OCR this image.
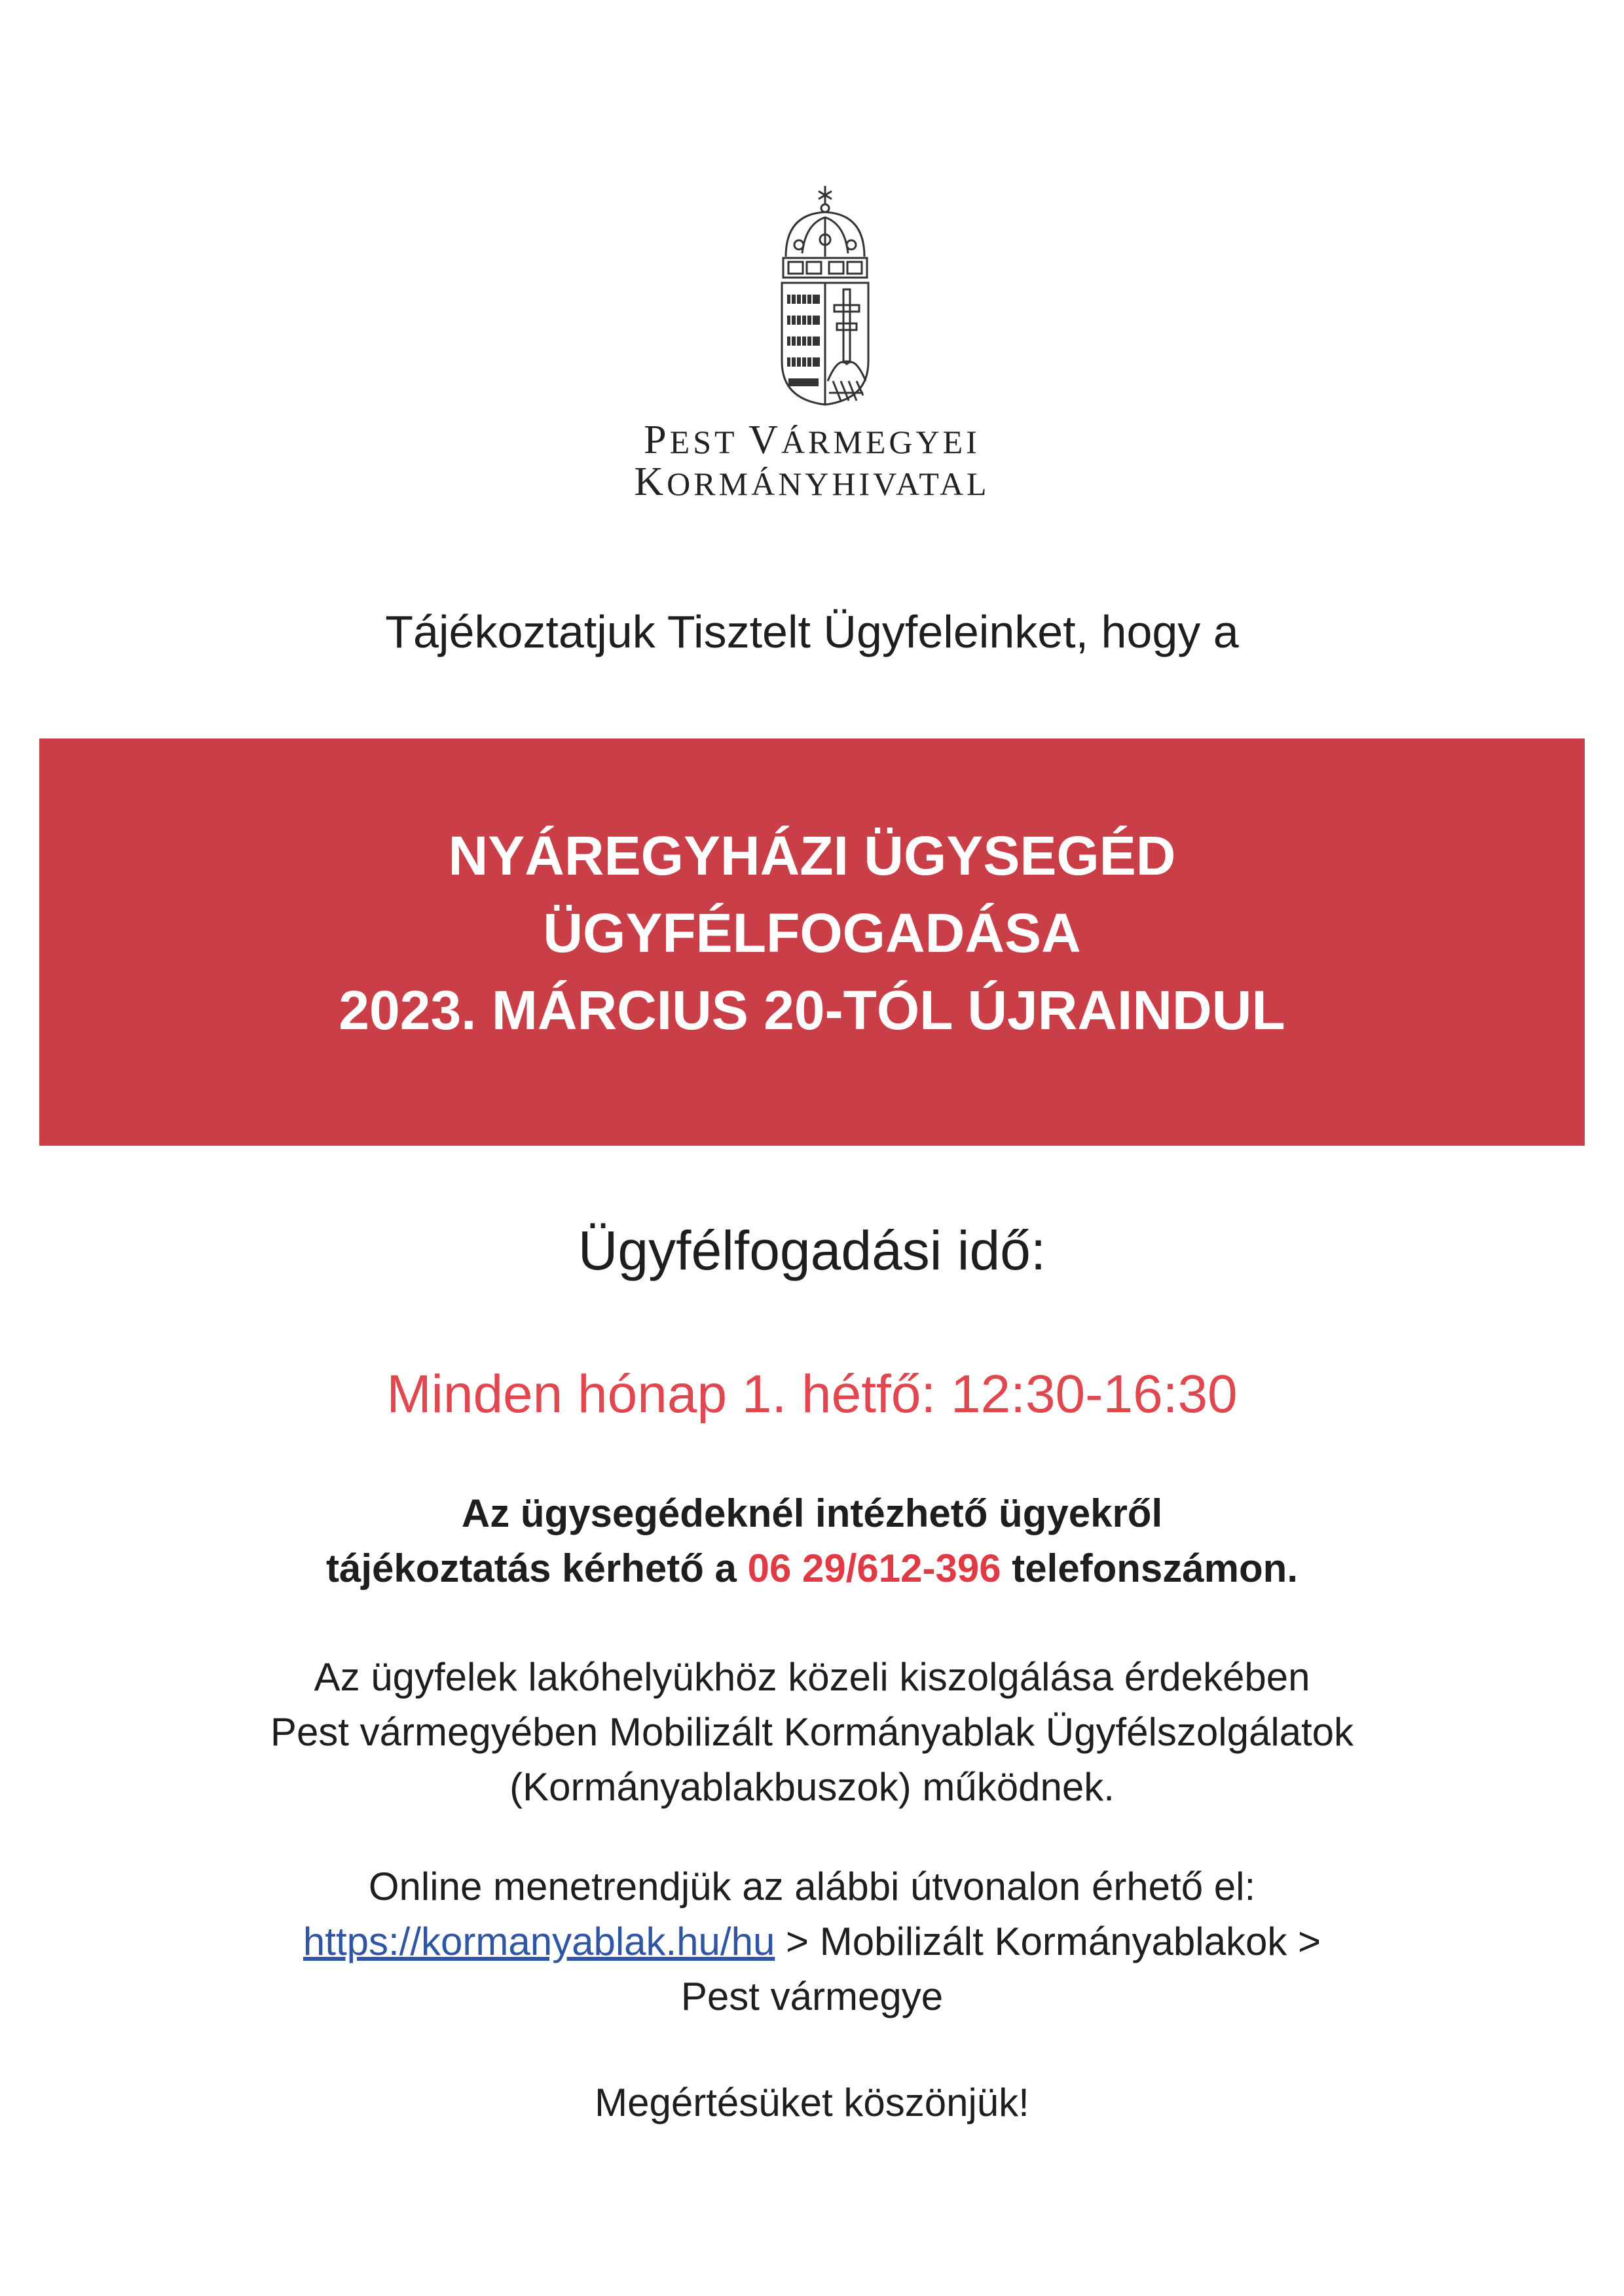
PEST VÁRMEGYEI
KORMÁNYHIVATAL
Tájékoztatjuk Tisztelt Ügyfeleinket, hogy a
NYÁREGYHÁZI ÜGYSEGÉD
ÜGYFÉLFOGADÁSA
2023. MÁRCIUS 20-TÓL ÚJRAINDUL
Ügyfélfogadási idő:
Minden hónap 1. hétfő: 12:30-16:30
Az ügysegédeknél intézhető ügyekről
tájékoztatás kérhető a 06 29/612-396 telefonszámon.
Az ügyfelek lakóhelyükhöz közeli kiszolgálása érdekében
Pest vármegyében Mobilizált Kormányablak Ügyfélszolgálatok
(Kormányablakbuszok) működnek.
Online menetrendjük az alábbi útvonalon érhető el:
https://kormanyablak.hu/hu > Mobilizált Kormányablakok >
Pest vármegye
Megértésüket köszönjük!
